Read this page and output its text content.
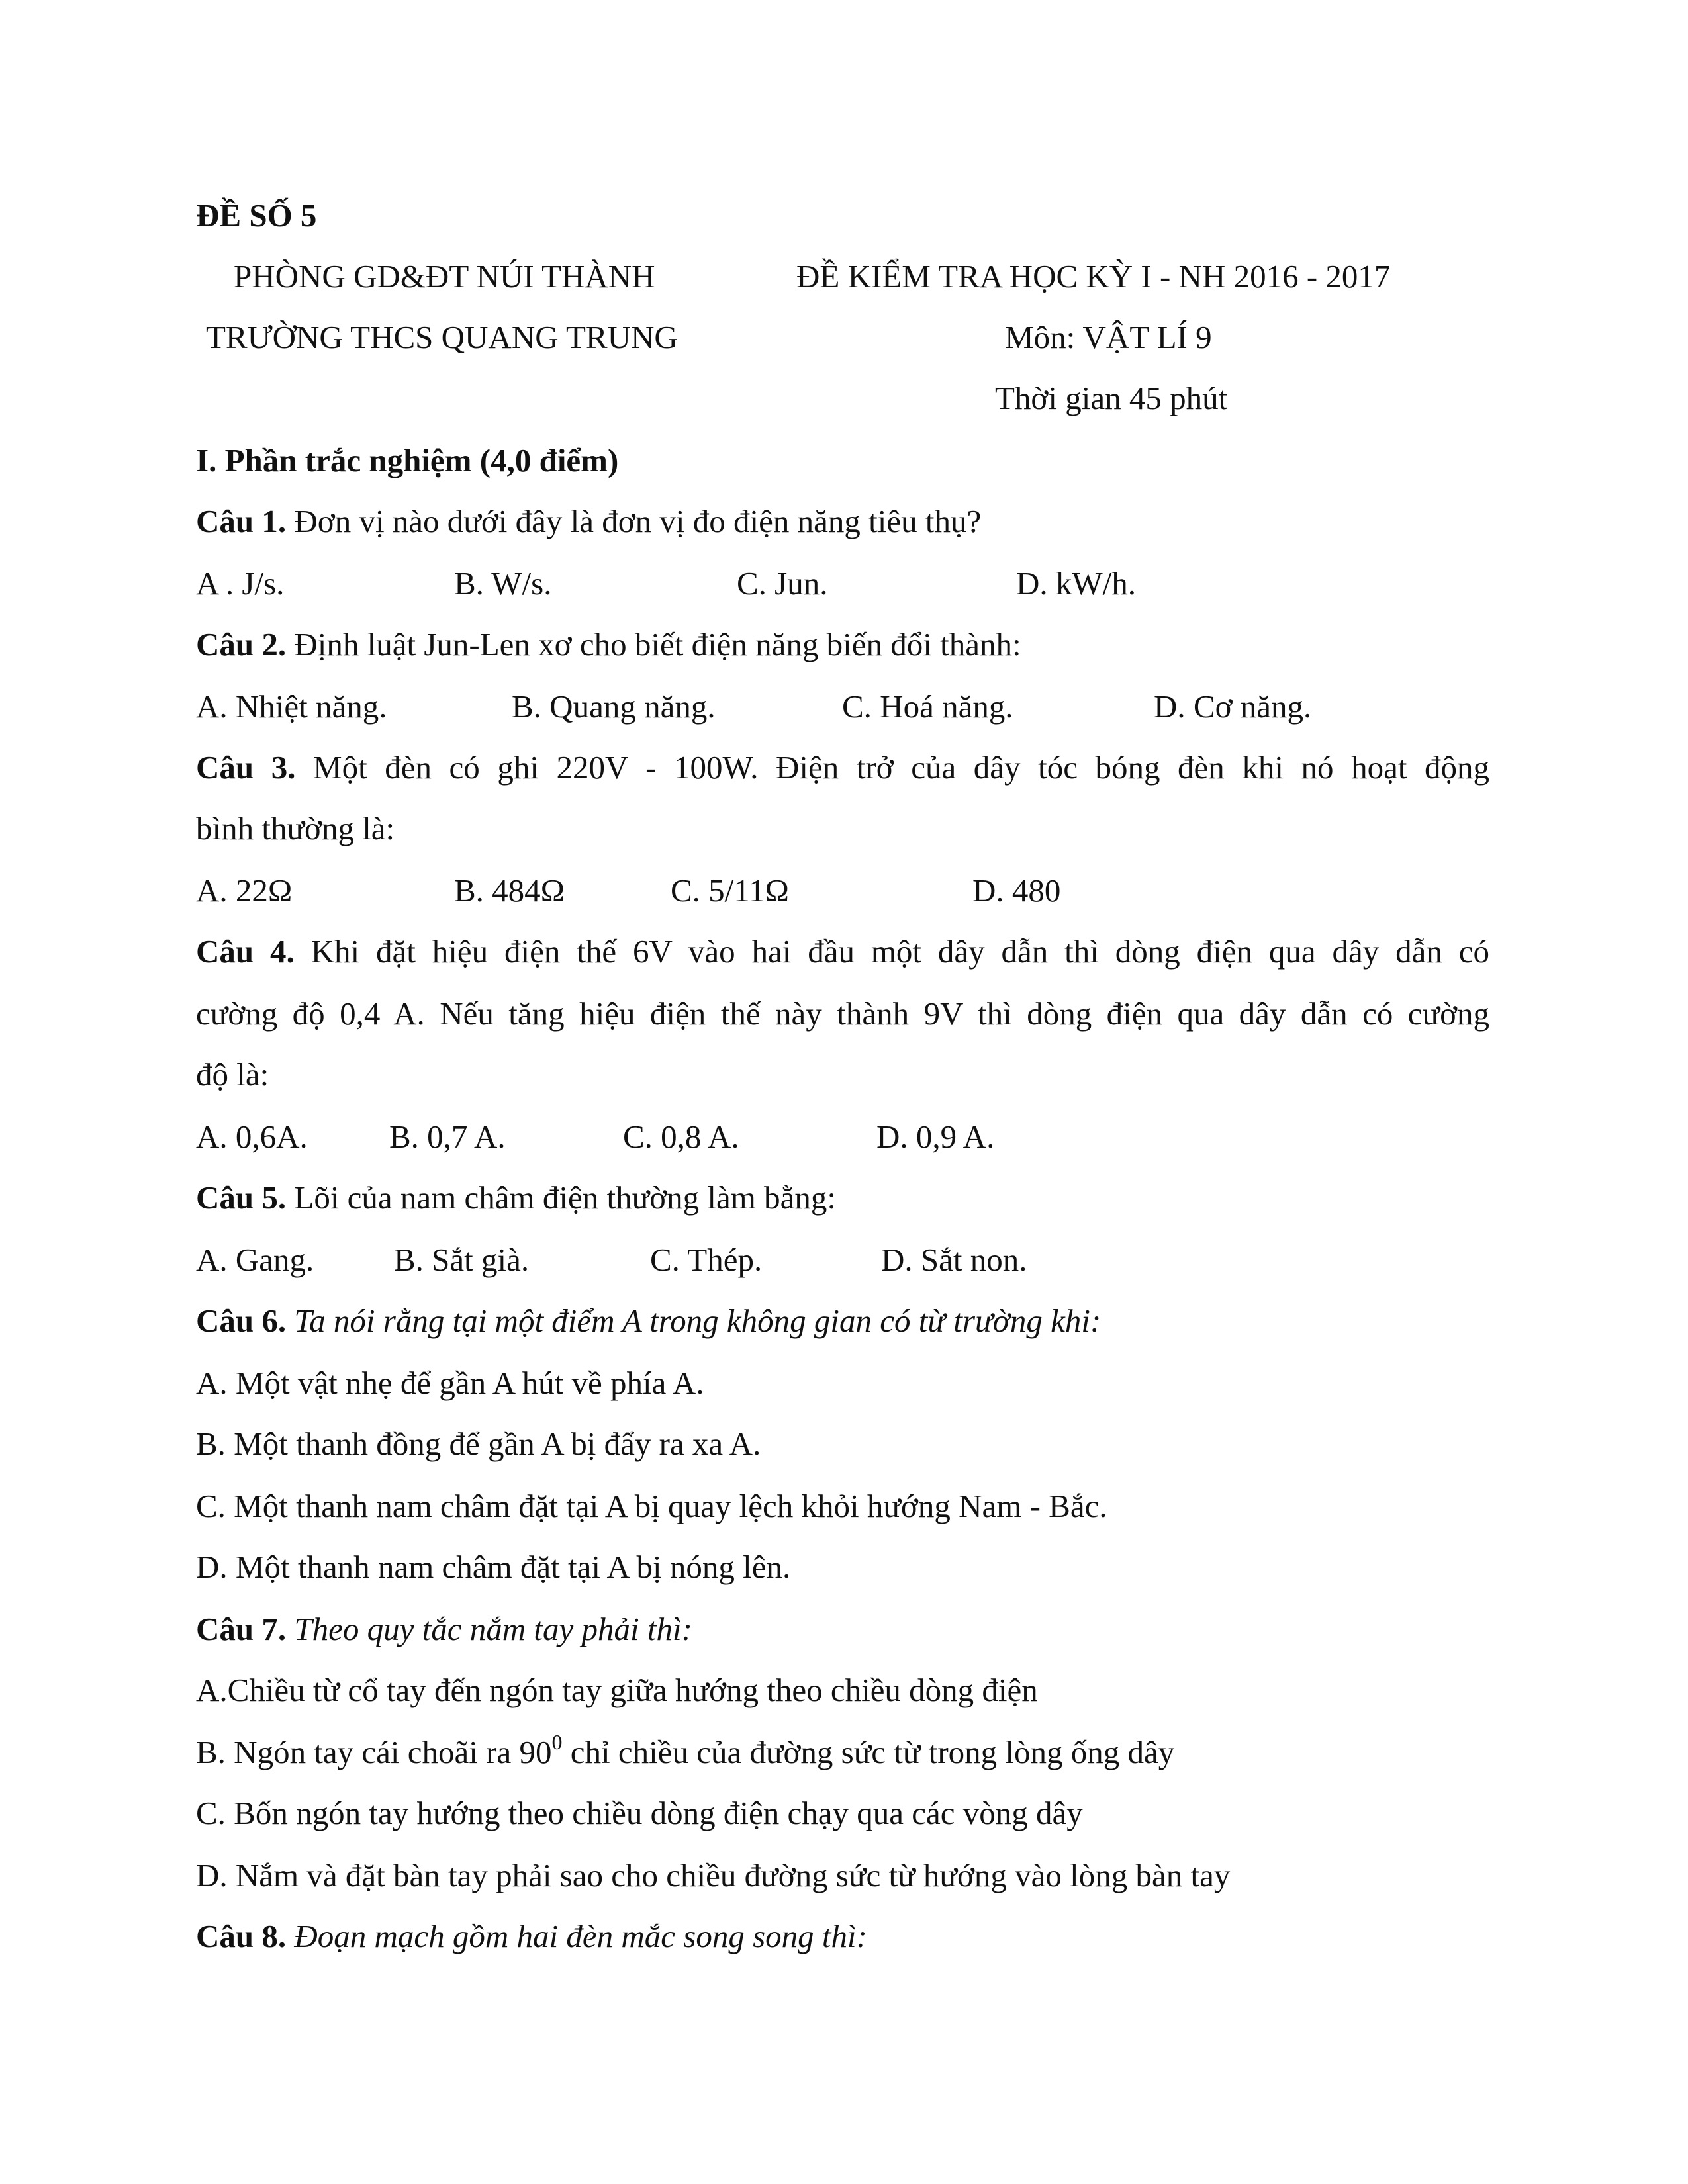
ĐỀ SỐ 5
PHÒNG GD&ĐT NÚI THÀNH	ĐỀ KIỂM TRA HỌC KỲ I - NH 2016 - 2017
TRƯỜNG THCS QUANG TRUNG	Môn: VẬT LÍ 9
Thời gian 45 phút
I. Phần trắc nghiệm (4,0 điểm)
Câu 1. Đơn vị nào dưới đây là đơn vị đo điện năng tiêu thụ?
A . J/s.	B. W/s.	C. Jun.	D. kW/h.
Câu 2. Định luật Jun-Len xơ cho biết điện năng biến đổi thành:
A. Nhiệt năng.	B. Quang năng.	C. Hoá năng.	D. Cơ năng.
Câu 3. Một đèn có ghi 220V - 100W. Điện trở của dây tóc bóng đèn khi nó hoạt động
bình thường là:
A. 22Ω	B. 484Ω	C. 5/11Ω	D. 480
Câu 4. Khi đặt hiệu điện thế 6V vào hai đầu một dây dẫn thì dòng điện qua dây dẫn có
cường độ 0,4 A. Nếu tăng hiệu điện thế này thành 9V thì dòng điện qua dây dẫn có cường
độ là:
A. 0,6A.	B. 0,7 A.	C. 0,8 A.	D. 0,9 A.
Câu 5. Lõi của nam châm điện thường làm bằng:
A. Gang. B. Sắt già.	C. Thép.	D. Sắt non.
Câu 6. Ta nói rằng tại một điểm A trong không gian có từ trường khi:
A. Một vật nhẹ để gần A hút về phía A.
B. Một thanh đồng để gần A bị đẩy ra xa A.
C. Một thanh nam châm đặt tại A bị quay lệch khỏi hướng Nam - Bắc.
D. Một thanh nam châm đặt tại A bị nóng lên.
Câu 7. Theo quy tắc nắm tay phải thì:
A.Chiều từ cổ tay đến ngón tay giữa hướng theo chiều dòng điện
B. Ngón tay cái choãi ra $90^0$ chỉ chiều của đường sức từ trong lòng ống dây
C. Bốn ngón tay hướng theo chiều dòng điện chạy qua các vòng dây
D. Nắm và đặt bàn tay phải sao cho chiều đường sức từ hướng vào lòng bàn tay
Câu 8. Đoạn mạch gồm hai đèn mắc song song thì:
